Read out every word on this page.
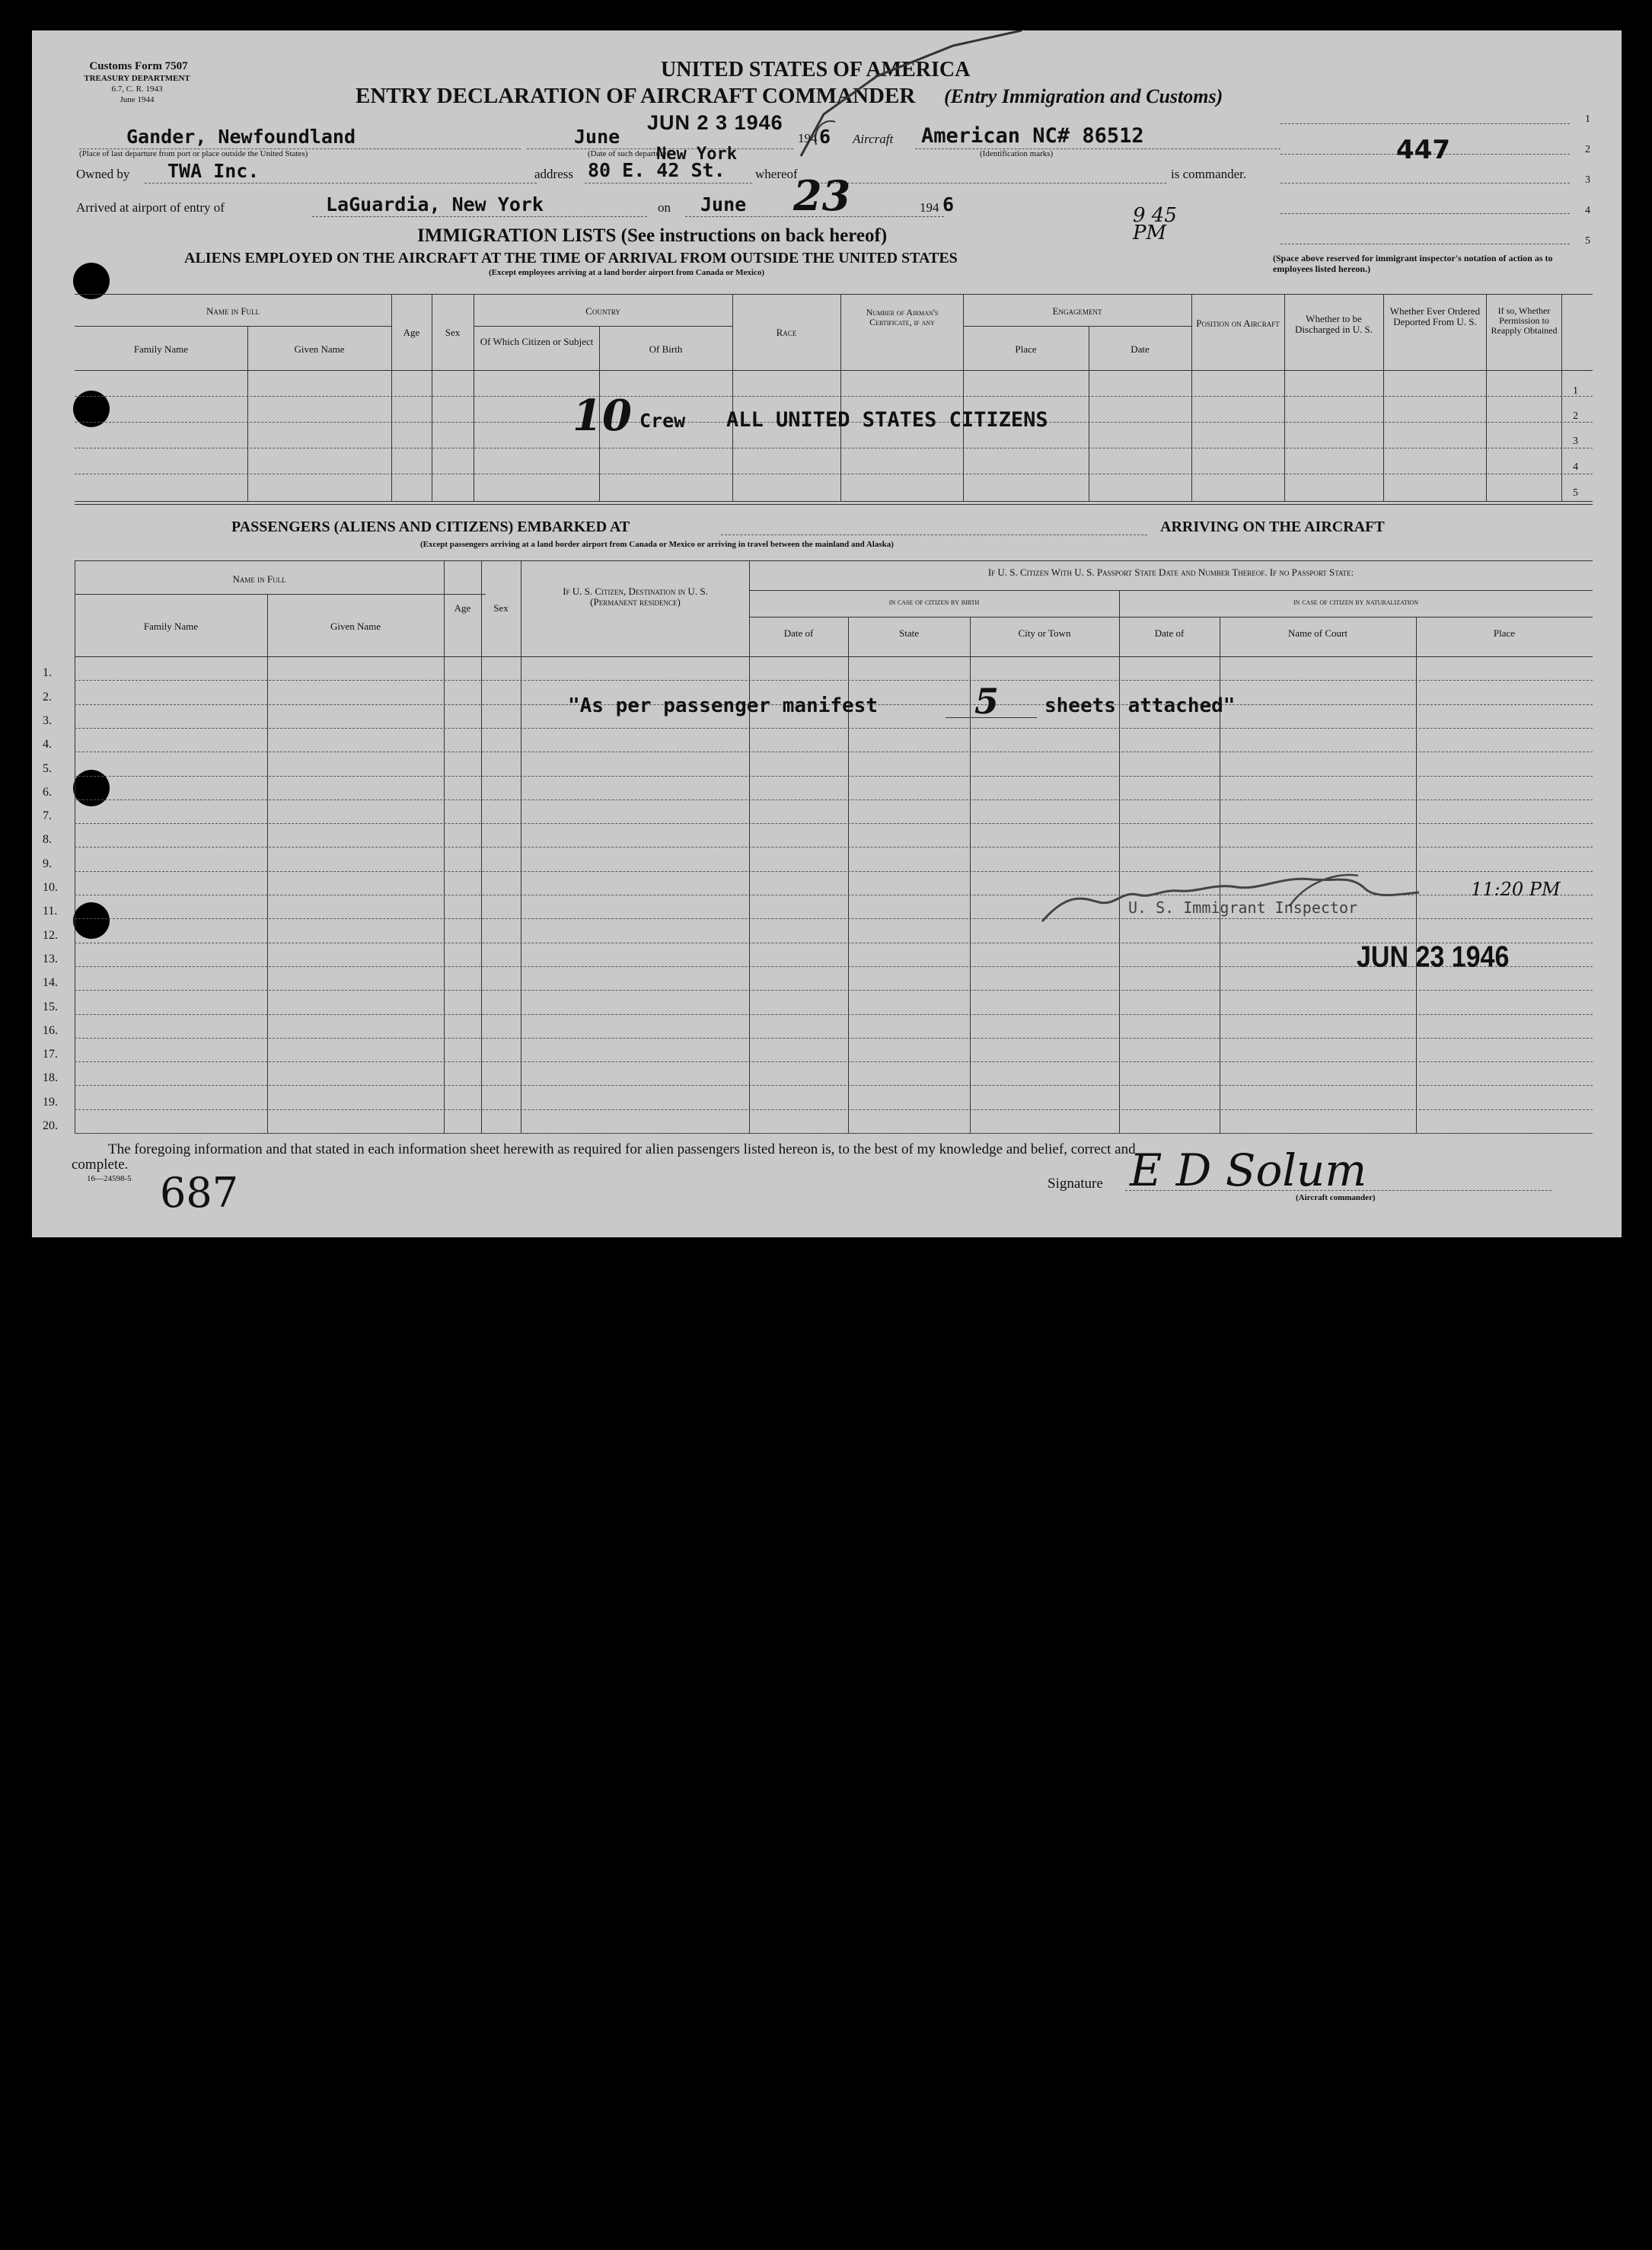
Customs Form 7507
TREASURY DEPARTMENT
6.7, C. R. 1943
June 1944
UNITED STATES OF AMERICA
ENTRY DECLARATION OF AIRCRAFT COMMANDER (Entry Immigration and Customs)
JUN 2 3 1946
Gander, Newfoundland
(Place of last departure from port or place outside the United States)
June
(Date of such departure)
194 6 Aircraft American NC# 86512
(Identification marks)
Owned by TWA Inc.	address 80 E. 42 St.
New York
whereof	is commander.
Arrived at airport of entry of	LaGuardia, New York	on June 23	194 6	9 45 PM
IMMIGRATION LISTS (See instructions on back hereof)
ALIENS EMPLOYED ON THE AIRCRAFT AT THE TIME OF ARRIVAL FROM OUTSIDE THE UNITED STATES
(Except employees arriving at a land border airport from Canada or Mexico)
1
2
3
4
5
447
(Space above reserved for immigrant inspector's notation of action as to employees listed hereon.)
Name in Full
Family Name	Given Name
Age	Sex
Country
Of Which Citizen or Subject
Of Birth
Race
Number of Airman's Certificate, if any
Engagement
Place	Date
Position on Aircraft	Whether to be Discharged in U. S.
Whether Ever Ordered Deported From U. S.
If so, Whether Permission to Reapply Obtained
1
2
3
4
5
10 Crew ALL UNITED STATES CITIZENS
PASSENGERS (ALIENS AND CITIZENS) EMBARKED AT	ARRIVING ON THE AIRCRAFT
(Except passengers arriving at a land border airport from Canada or Mexico or arriving in travel between the mainland and Alaska)
Name in Full
Family Name	Given Name
Age	Sex
If U. S. Citizen, Destination in U. S. (Permanent residence)
If U. S. Citizen With U. S. Passport State Date and Number Thereof. If no Passport State:
in case of citizen by birth	in case of citizen by naturalization
Date of	State	City or Town	Date of	Name of Court	Place
1.
2.
3.
4.
5.
6.
7.
8.
9.
10.
11.
12.
13.
14.
15.
16.
17.
18.
19.
20.
"As per passenger manifest	5 sheets attached"
U. S. Immigrant Inspector
11:20 PM
JUN 23 1946
The foregoing information and that stated in each information sheet herewith as required for alien passengers listed hereon is, to the best of my knowledge and belief, correct and
complete.
16—24598-5 687	Signature E D Solum
(Aircraft commander)
